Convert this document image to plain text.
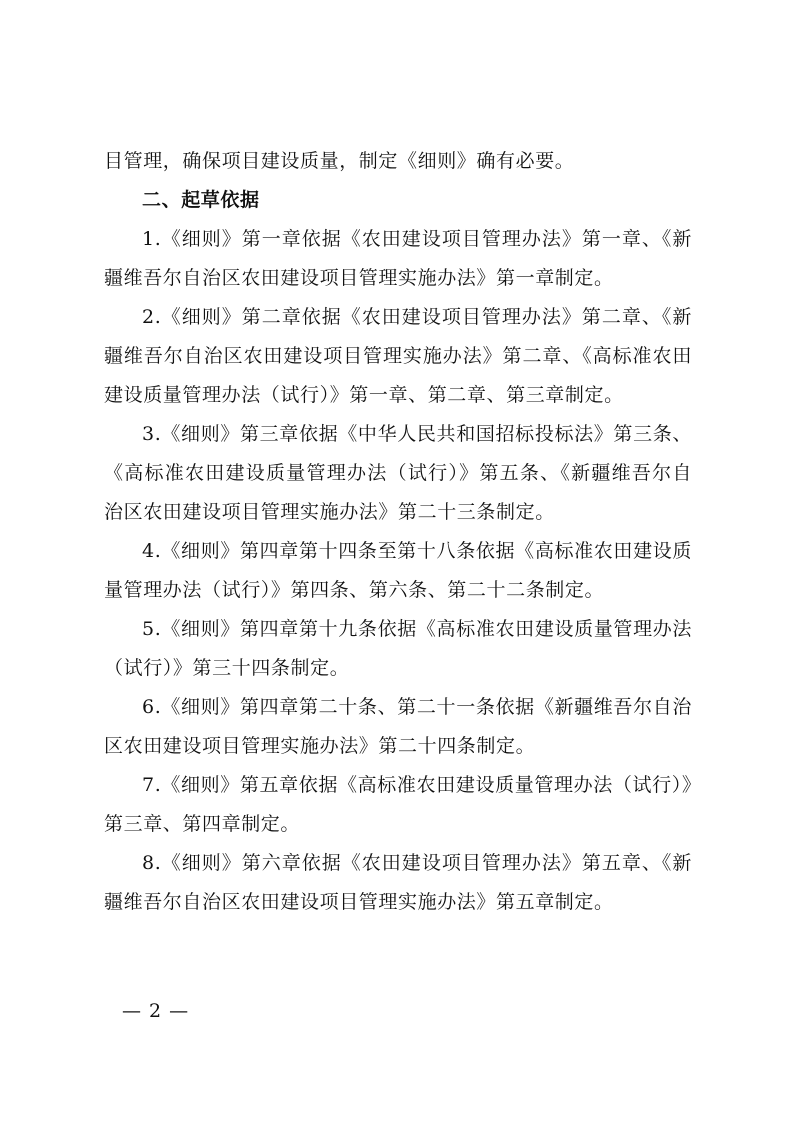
目管理，确保项目建设质量，制定《细则》确有必要。

二、起草依据

1.《细则》第一章依据《农田建设项目管理办法》第一章、《新疆维吾尔自治区农田建设项目管理实施办法》第一章制定。

2.《细则》第二章依据《农田建设项目管理办法》第二章、《新疆维吾尔自治区农田建设项目管理实施办法》第二章、《高标准农田建设质量管理办法（试行）》第一章、第二章、第三章制定。

3.《细则》第三章依据《中华人民共和国招标投标法》第三条、《高标准农田建设质量管理办法（试行）》第五条、《新疆维吾尔自治区农田建设项目管理实施办法》第二十三条制定。

4.《细则》第四章第十四条至第十八条依据《高标准农田建设质量管理办法（试行）》第四条、第六条、第二十二条制定。

5.《细则》第四章第十九条依据《高标准农田建设质量管理办法（试行）》第三十四条制定。

6.《细则》第四章第二十条、第二十一条依据《新疆维吾尔自治区农田建设项目管理实施办法》第二十四条制定。

7.《细则》第五章依据《高标准农田建设质量管理办法（试行）》第三章、第四章制定。

8.《细则》第六章依据《农田建设项目管理办法》第五章、《新疆维吾尔自治区农田建设项目管理实施办法》第五章制定。

— 2 —
